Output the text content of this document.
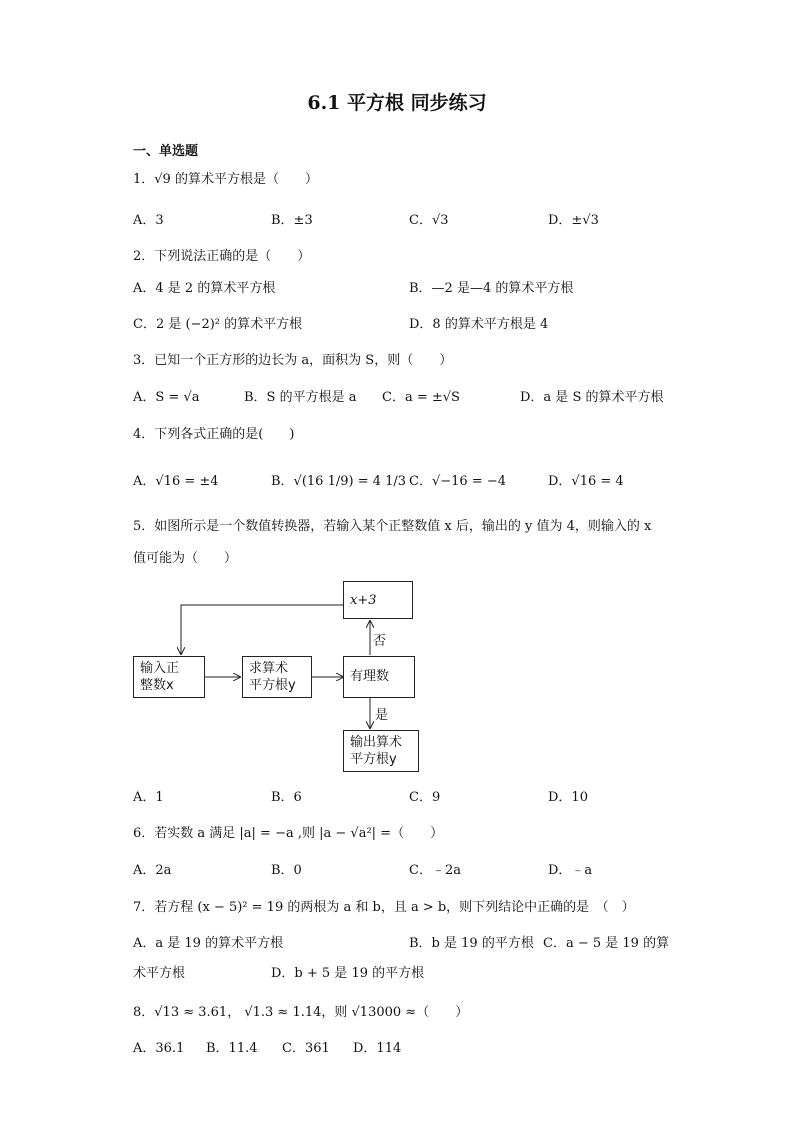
6.1 平方根 同步练习
一、单选题
1．√9 的算术平方根是（　　）
A．3	B．±3	C．√3	D．±√3
2．下列说法正确的是（　　）
A．4 是 2 的算术平方根	B．—2 是—4 的算术平方根
C．2 是 (−2)² 的算术平方根	D．8 的算术平方根是 4
3．已知一个正方形的边长为 a，面积为 S，则（　　）
A．S = √a	B．S 的平方根是 a C．a = ±√S	D．a 是 S 的算术平方根
4．下列各式正确的是(　　)
A．√16 = ±4	B．√(16 1/9) = 4 1/3 C．√−16 = −4	D．√16 = 4
5．如图所示是一个数值转换器，若输入某个正整数值 x 后，输出的 y 值为 4，则输入的 x
值可能为（　　）
x+3
输入正
整数x
求算术
平方根y
有理数
输出算术
平方根y
否
是
A．1	B．6	C．9	D．10
6．若实数 a 满足 |a| = −a ,则 |a − √a²| =（　　）
A．2a	B．0	C．﹣2a	D．﹣a
7．若方程 (x − 5)² = 19 的两根为 a 和 b，且 a > b，则下列结论中正确的是　（　）
A．a 是 19 的算术平方根	B．b 是 19 的平方根 C．a − 5 是 19 的算
术平方根	D．b + 5 是 19 的平方根
8．√13 ≈ 3.61， √1.3 ≈ 1.14，则 √13000 ≈（　　）
A．36.1 B．11.4 C．361 D．114
